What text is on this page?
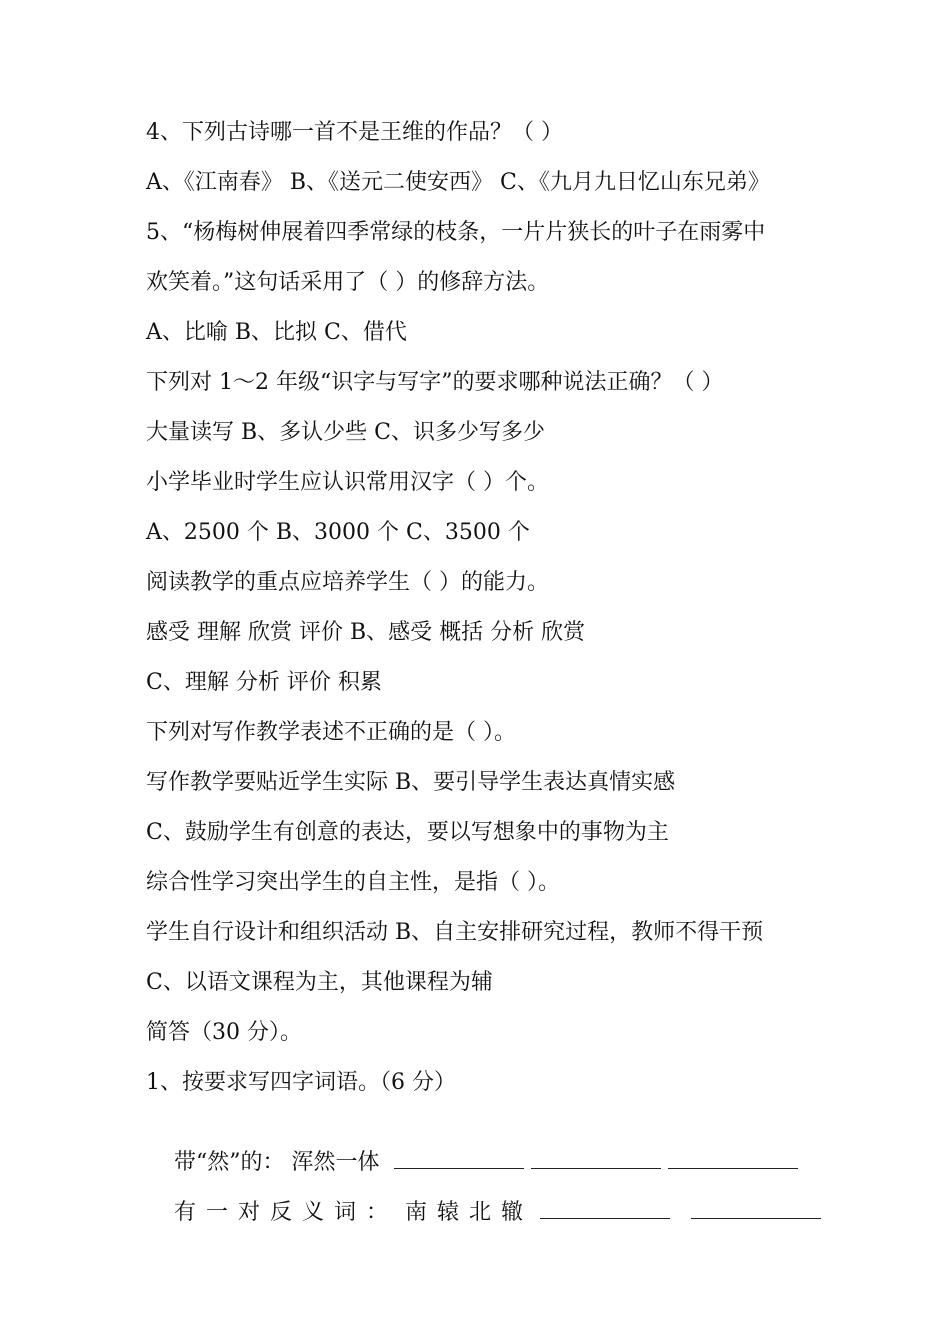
4、下列古诗哪一首不是王维的作品？（ ）
A、《江南春》 B、《送元二使安西》 C、《九月九日忆山东兄弟》
5、“杨梅树伸展着四季常绿的枝条，一片片狭长的叶子在雨雾中
欢笑着。”这句话采用了（ ）的修辞方法。
A、比喻 B、比拟 C、借代
下列对 1～2 年级“识字与写字”的要求哪种说法正确？（ ）
大量读写 B、多认少些 C、识多少写多少
小学毕业时学生应认识常用汉字（ ）个。
A、2500 个 B、3000 个 C、3500 个
阅读教学的重点应培养学生（ ）的能力。
感受 理解 欣赏 评价 B、感受 概括 分析 欣赏
C、理解 分析 评价 积累
下列对写作教学表述不正确的是（ ）。
写作教学要贴近学生实际 B、要引导学生表达真情实感
C、鼓励学生有创意的表达，要以写想象中的事物为主
综合性学习突出学生的自主性，是指（ ）。
学生自行设计和组织活动 B、自主安排研究过程，教师不得干预
C、以语文课程为主，其他课程为辅
简答（30 分）。
1、按要求写四字词语。（6 分）

带“然”的： 浑然一体

有一对反义词： 南辕北辙
